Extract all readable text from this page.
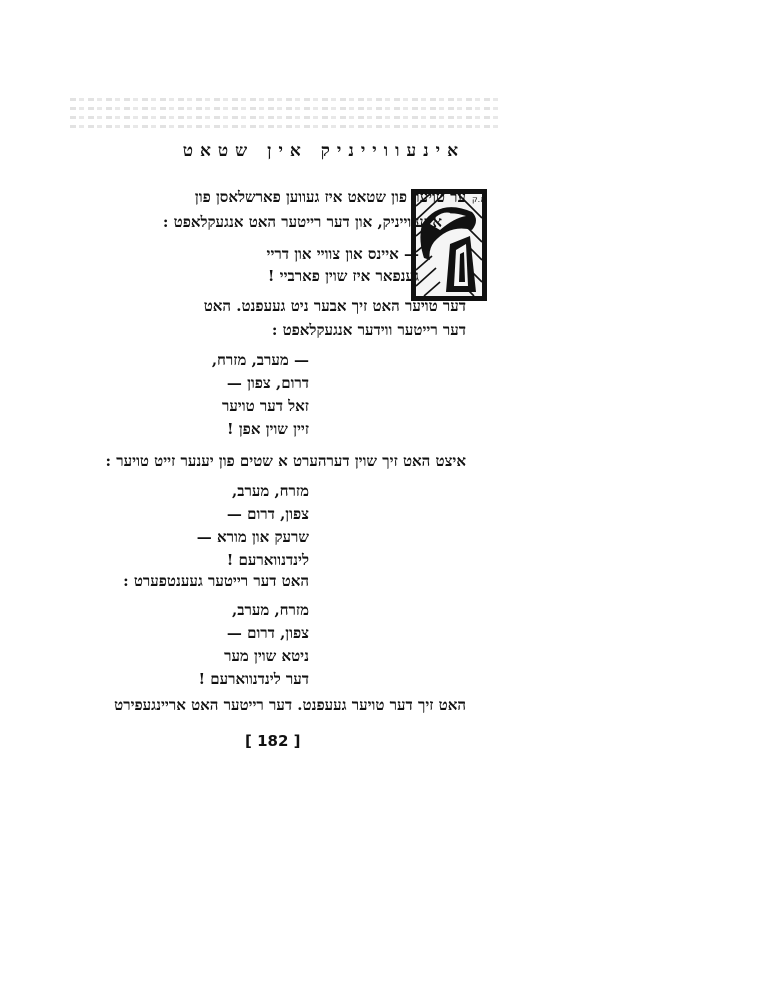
אינעווייניק אין שטאט
א.ק
ער טויער פון שטאט איז געווען פארשלאסן פון
אינעווייניק, און דער רייטער האט אנגעקלאפט :
— איינס און צוויי און דריי
גענפאר איז שוין פארביי !
דער טויער האט זיך אבער ניט געעפנט. האט
דער רייטער ווידער אנגעקלאפט :
— מערב, מזרח,
דרום, צפון —
זאל דער טויער
זיין שוין אפן !
איצט האט זיך שוין דערהערט א שטים פון יענער זייט טויער :
מזרח, מערב,
צפון, דרום —
שרעק און מורא —
לינדנווארעם !
האט דער רייטער געענטפערט :
מזרח, מערב,
צפון, דרום —
ניטא שוין מער
דער לינדנווארעם !
האט זיך דער טויער געעפנט. דער רייטער האט אריינגעפירט
[ 182 ]
